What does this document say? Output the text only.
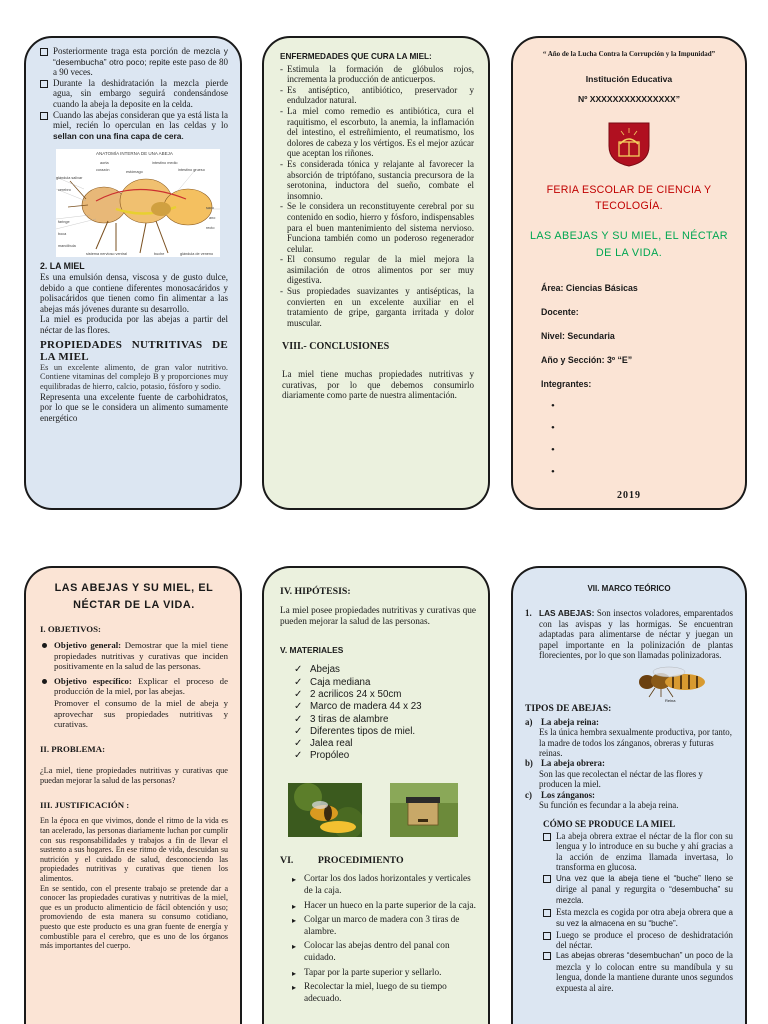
Posteriormente traga esta porción de mezcla y “desembucha” otro poco; repite este paso de 80 a 90 veces.
Durante la deshidratación la mezcla pierde agua, sin embargo seguirá condensándose cuando la abeja la deposite en la celda.
Cuando las abejas consideran que ya está lista la miel, recién lo operculan en las celdas y lo sellan con una fina capa de cera.
ANATOMÍA INTERNA DE UNA ABEJA
aorta	intestino medio
intestino grueso
corazón
glándula salivar
estómago
saco
ano
recto
cerebro
buche
faringe
boca
sistema nervioso ventral	glándula de veneno
mandíbula
2. LA MIEL
Es una emulsión densa, viscosa y de gusto dulce, debido a que contiene diferentes monosacáridos y polisacáridos que tienen como fin alimentar a las abejas más jóvenes durante su desarrollo.
La miel es producida por las abejas a partir del néctar de las flores.
PROPIEDADES NUTRITIVAS DE LA MIEL
Es un excelente alimento, de gran valor nutritivo. Contiene vitaminas del complejo B y proporciones muy equilibradas de hierro, calcio, potasio, fósforo y sodio.
Representa una excelente fuente de carbohidratos, por lo que se le considera un alimento sumamente energético
ENFERMEDADES QUE CURA LA MIEL:
- Estimula la formación de glóbulos rojos, incrementa la producción de anticuerpos.
- Es antiséptico, antibiótico, preservador y endulzador natural.
- La miel como remedio es antibiótica, cura el raquitismo, el escorbuto, la anemia, la inflamación del intestino, el estreñimiento, el reumatismo, los dolores de cabeza y los vértigos. Es el mejor azúcar que aceptan los riñones.
- Es considerada tónica y relajante al favorecer la absorción de triptófano, sustancia precursora de la serotonina, inductora del sueño, combate el insomnio.
- Se le considera un reconstituyente cerebral por su contenido en sodio, hierro y fósforo, indispensables para el buen mantenimiento del sistema nervioso. Funciona también como un poderoso regenerador celular.
- El consumo regular de la miel mejora la asimilación de otros alimentos por ser muy digestiva.
- Sus propiedades suavizantes y antisépticas, la convierten en un excelente auxiliar en el tratamiento de gripe, garganta irritada y dolor muscular.
VIII.- CONCLUSIONES
La miel tiene muchas propiedades nutritivas y curativas, por lo que debemos consumirlo diariamente como parte de nuestra alimentación.
“ Año de la Lucha Contra la Corrupción y la Impunidad”
Institución Educativa
Nº XXXXXXXXXXXXXXX”
FERIA ESCOLAR DE CIENCIA Y TECOLOGÍA.
LAS ABEJAS Y SU MIEL, EL NÉCTAR DE LA VIDA.
Área: Ciencias Básicas
Docente:
Nivel: Secundaria
Año y Sección: 3º “E”
Integrantes:
•
•
•
•
2019
LAS ABEJAS Y SU MIEL, EL NÉCTAR DE LA VIDA.
I. OBJETIVOS:
Objetivo general: Demostrar que la miel tiene propiedades nutritivas y curativas que inciden positivamente en la salud de las personas.
Objetivo específico: Explicar el proceso de producción de la miel, por las abejas.
Promover el consumo de la miel de abeja y aprovechar sus propiedades nutritivas y curativas.
II. PROBLEMA:
¿La miel, tiene propiedades nutritivas y curativas que puedan mejorar la salud de las personas?
III. JUSTIFICACIÓN :
En la época en que vivimos, donde el ritmo de la vida es tan acelerado, las personas diariamente luchan por cumplir con sus responsabilidades y trabajos a fin de llevar el sustento a sus hogares. En ese ritmo de vida, descuidan su nutrición y el cuidado de salud, desconociendo las propiedades nutritivas y curativas que tienen los alimentos.
En se sentido, con el presente trabajo se pretende dar a conocer las propiedades curativas y nutritivas de la miel, que es un producto alimenticio de fácil obtención y uso; promoviendo de esta manera su consumo cotidiano, puesto que este producto es una gran fuente de energía y combustible para el cerebro, que es uno de los órganos más importantes del cuerpo.
IV. HIPÓTESIS:
La miel posee propiedades nutritivas y curativas que pueden mejorar la salud de las personas.
V. MATERIALES
✓ Abejas
✓ Caja mediana
✓ 2 acrilicos 24 x 50cm
✓ Marco de madera 44 x 23
✓ 3 tiras de alambre
✓ Diferentes tipos de miel.
✓ Jalea real
✓ Propóleo
VI.          PROCEDIMIENTO
▸ Cortar los dos lados horizontales y verticales de la caja.
▸ Hacer un hueco en la parte superior de la caja.
▸ Colgar un marco de madera con 3 tiras de alambre.
▸ Colocar las abejas dentro del panal con cuidado.
▸ Tapar por la parte superior y sellarlo.
▸ Recolectar la miel, luego de su tiempo adecuado.
VII. MARCO TEÓRICO
1. LAS ABEJAS: Son insectos voladores, emparentados con las avispas y las hormigas. Se encuentran adaptadas para alimentarse de néctar y juegan un papel importante en la polinización de plantas florecientes, por lo que son llamadas polinizadoras.
Reina
TIPOS DE ABEJAS:
a) La abeja reina:
Es la única hembra sexualmente productiva, por tanto, la madre de todos los zánganos, obreras y futuras reinas.
b) La abeja obrera:
Son las que recolectan el néctar de las flores y producen la miel.
c) Los zánganos:
Su función es fecundar a la abeja reina.
CÓMO SE PRODUCE LA MIEL
La abeja obrera extrae el néctar de la flor con su lengua y lo introduce en su buche y ahí gracias a la acción de enzima llamada invertasa, lo transforma en glucosa.
Una vez que la abeja tiene el “buche” lleno se dirige al panal y regurgita o “desembucha” su mezcla.
Esta mezcla es cogida por otra abeja obrera que a su vez la almacena en su “buche”.
Luego se produce el proceso de deshidratación del néctar.
Las abejas obreras “desembuchan” un poco de la mezcla y lo colocan entre su mandíbula y su lengua, donde la mantiene durante unos segundos expuesta al aire.
